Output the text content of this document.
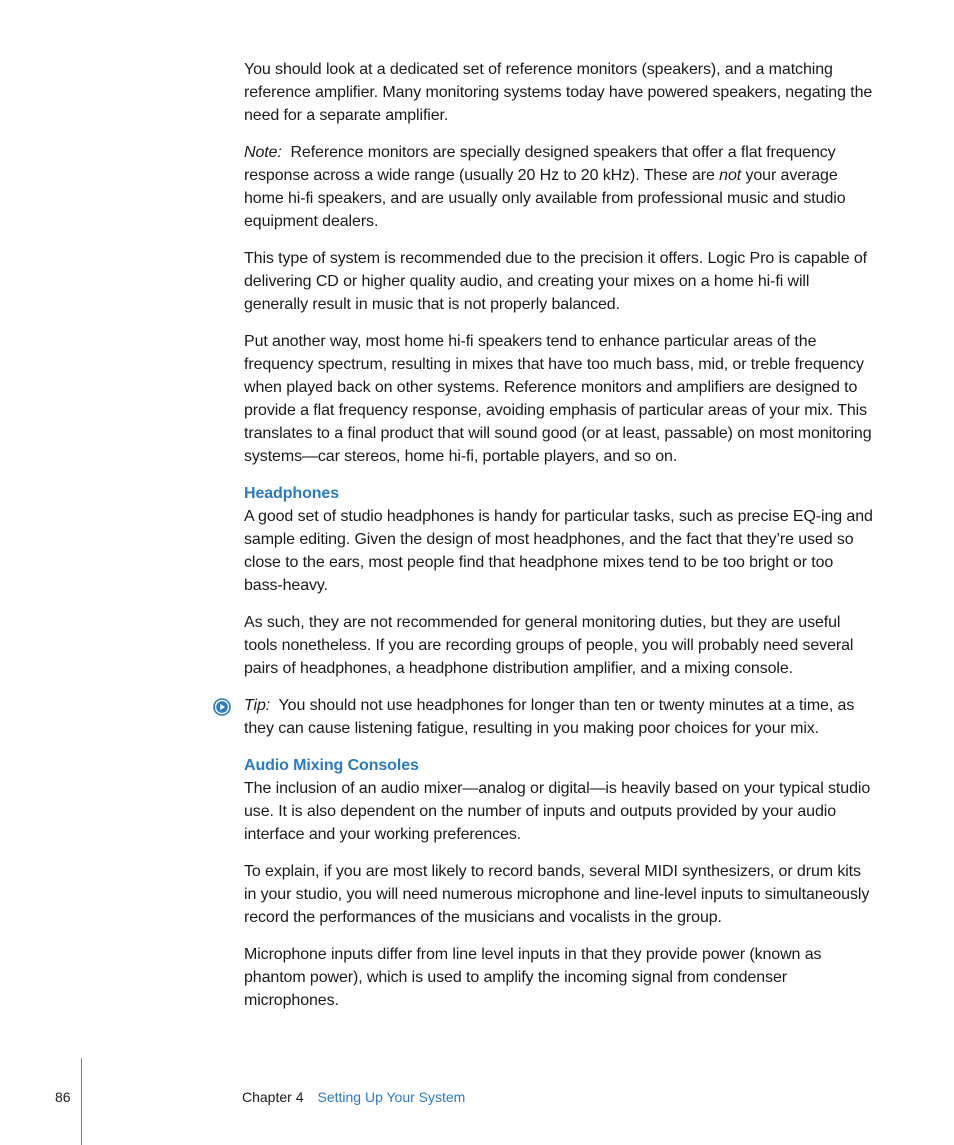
You should look at a dedicated set of reference monitors (speakers), and a matching reference amplifier. Many monitoring systems today have powered speakers, negating the need for a separate amplifier.

Note: Reference monitors are specially designed speakers that offer a flat frequency response across a wide range (usually 20 Hz to 20 kHz). These are not your average home hi-fi speakers, and are usually only available from professional music and studio equipment dealers.

This type of system is recommended due to the precision it offers. Logic Pro is capable of delivering CD or higher quality audio, and creating your mixes on a home hi-fi will generally result in music that is not properly balanced.

Put another way, most home hi-fi speakers tend to enhance particular areas of the frequency spectrum, resulting in mixes that have too much bass, mid, or treble frequency when played back on other systems. Reference monitors and amplifiers are designed to provide a flat frequency response, avoiding emphasis of particular areas of your mix. This translates to a final product that will sound good (or at least, passable) on most monitoring systems—car stereos, home hi-fi, portable players, and so on.

Headphones

A good set of studio headphones is handy for particular tasks, such as precise EQ-ing and sample editing. Given the design of most headphones, and the fact that they’re used so close to the ears, most people find that headphone mixes tend to be too bright or too bass-heavy.

As such, they are not recommended for general monitoring duties, but they are useful tools nonetheless. If you are recording groups of people, you will probably need several pairs of headphones, a headphone distribution amplifier, and a mixing console.

Tip: You should not use headphones for longer than ten or twenty minutes at a time, as they can cause listening fatigue, resulting in you making poor choices for your mix.

Audio Mixing Consoles

The inclusion of an audio mixer—analog or digital—is heavily based on your typical studio use. It is also dependent on the number of inputs and outputs provided by your audio interface and your working preferences.

To explain, if you are most likely to record bands, several MIDI synthesizers, or drum kits in your studio, you will need numerous microphone and line-level inputs to simultaneously record the performances of the musicians and vocalists in the group.

Microphone inputs differ from line level inputs in that they provide power (known as phantom power), which is used to amplify the incoming signal from condenser microphones.

86	Chapter 4 Setting Up Your System
